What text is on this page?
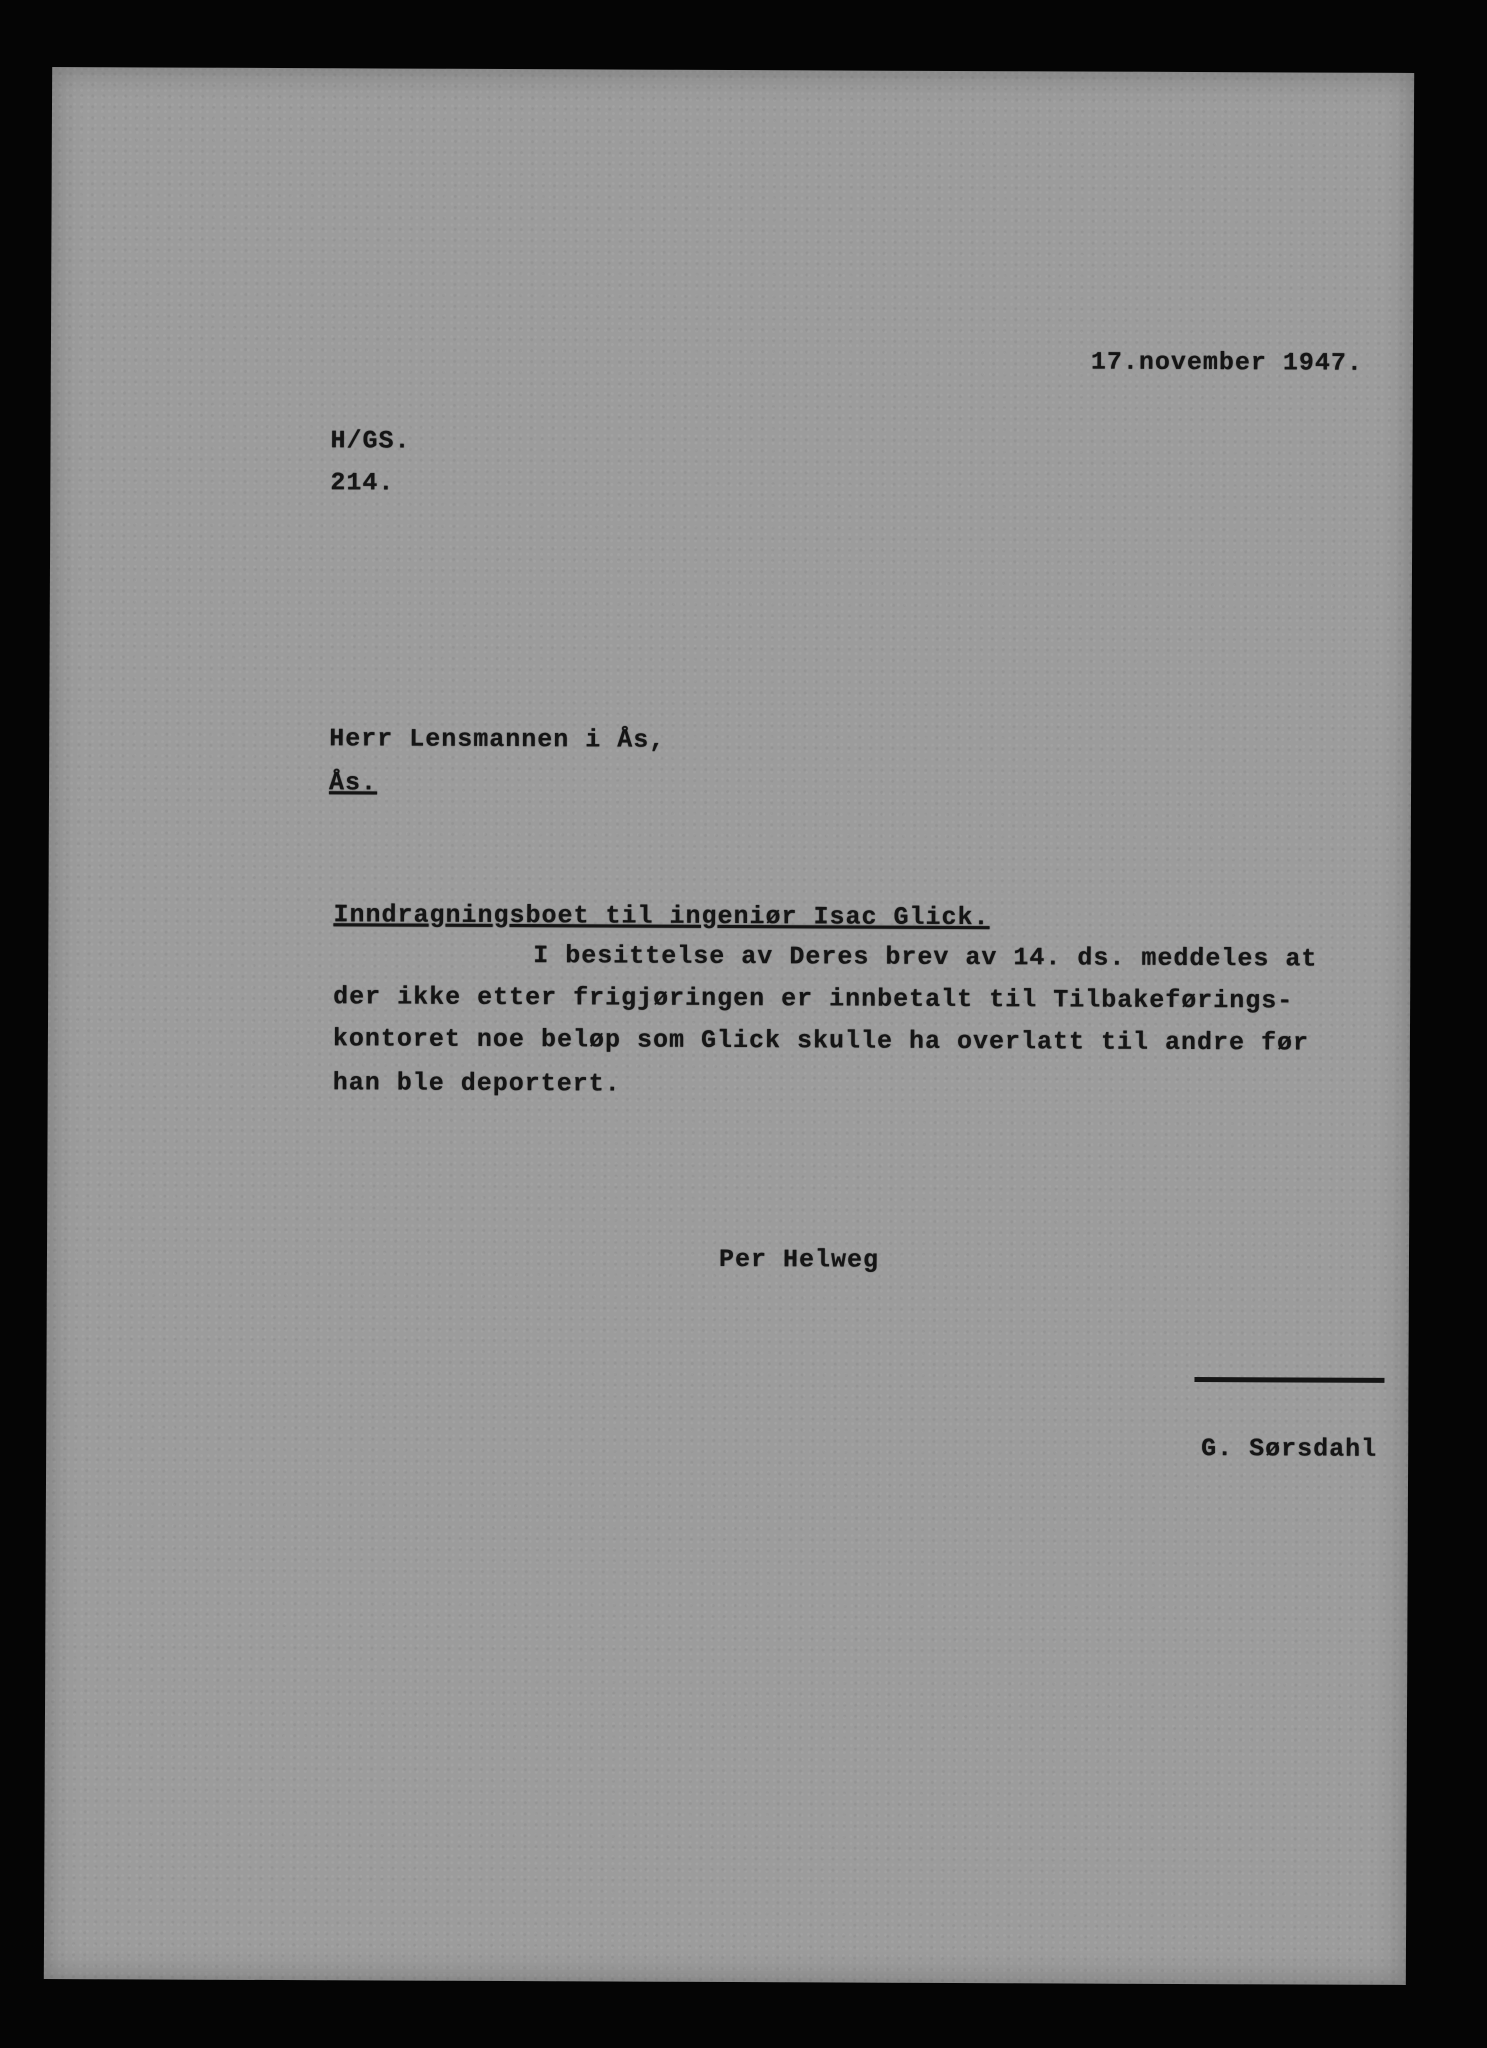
17.november 1947.
H/GS.
214.
Herr Lensmannen i Ås,
Ås.
Inndragningsboet til ingeniør Isac Glick.
I besittelse av Deres brev av 14. ds. meddeles at
der ikke etter frigjøringen er innbetalt til Tilbakeførings-
kontoret noe beløp som Glick skulle ha overlatt til andre før
han ble deportert.
Per Helweg
G. Sørsdahl
